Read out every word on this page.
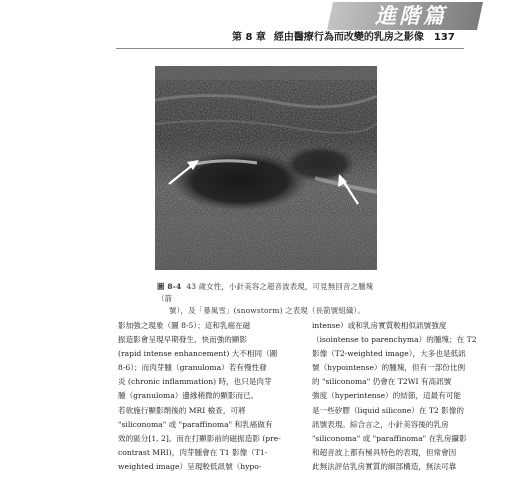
進階篇
第 8 章 經由醫療行為而改變的乳房之影像 137
圖 8-4 43 歲女性，小針美容之超音波表現，可見無回音之腫塊（箭
號），及「暴風雪」(snowstorm) 之表現（長箭號組織）。
影加強之現象（圖 8-5）；這和乳癌在磁
振造影會呈現早期發生、快而強的顯影
(rapid intense enhancement) 大不相同（圖
8-6）；而肉芽腫（granuloma）若有慢性發
炎 (chronic inflammation) 時，也只是肉芽
腫（granuloma）邊緣稍微的顯影而已。
若欲施行顯影劑後的 MRI 檢查，可將
"siliconoma" 或 "paraffinoma" 和乳癌做有
效的區分[1, 2]。而在打顯影前的磁振造影 (pre-
contrast MRI)，肉芽腫會在 T1 影像（T1-
weighted image）呈現較低訊號（hypo-
intense）或和乳房實質較相似訊號強度
（isointense to parenchyma）的腫塊；在 T2
影像（T2-weighted image），大多也是低訊
號（hypointense）的腫塊，但有一部份比例
的 "siliconoma" 仍會在 T2WI 有高訊號
強度（hyperintense）的結節，這最有可能
是一些矽膠（liquid silicone）在 T2 影像的
訊號表現。綜合言之，小針美容後的乳房
"siliconoma" 或 "paraffinoma" 在乳房攝影
和超音波上都有極具特色的表現，但常會因
此無法評估乳房實質的細部構造，無法可靠
